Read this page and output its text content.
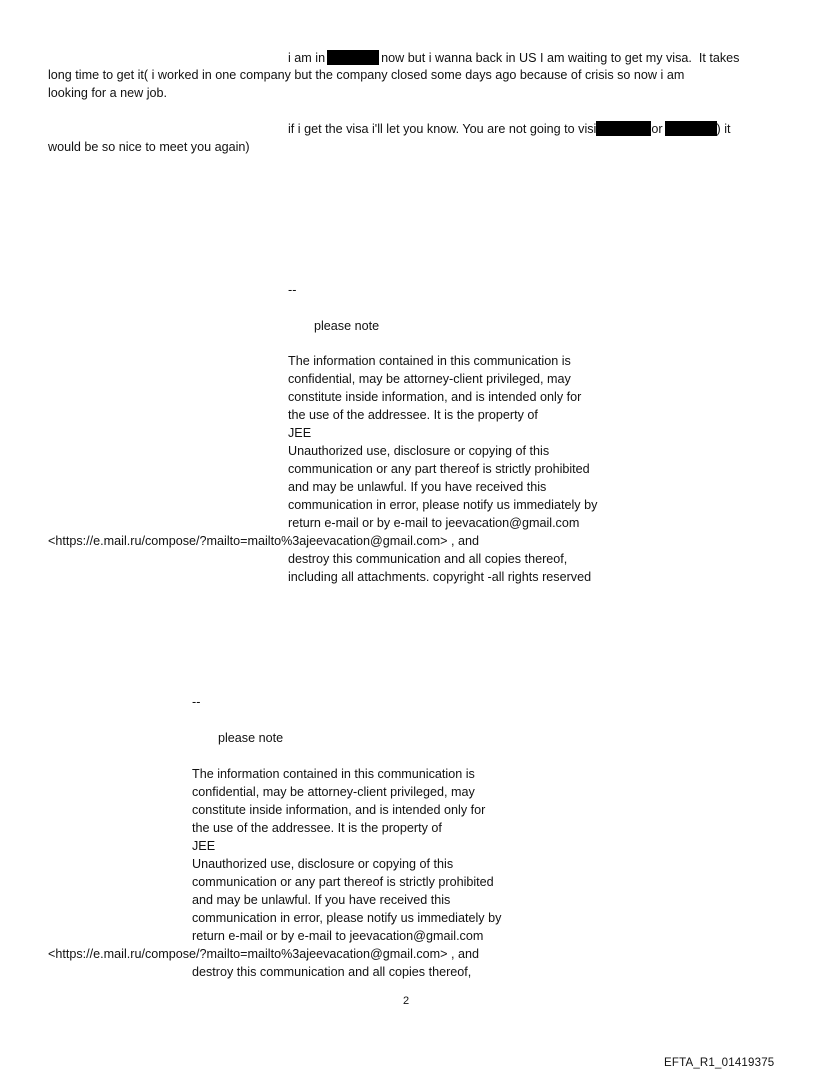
i am in	now but i wanna back in US I am waiting to get my visa.  It takes
long time to get it( i worked in one company but the company closed some days ago because of crisis so now i am
looking for a new job.
if i get the visa i'll let you know. You are not going to visi	or	) it
would be so nice to meet you again)
--
please note
The information contained in this communication is
confidential, may be attorney-client privileged, may
constitute inside information, and is intended only for
the use of the addressee. It is the property of
JEE
Unauthorized use, disclosure or copying of this
communication or any part thereof is strictly prohibited
and may be unlawful. If you have received this
communication in error, please notify us immediately by
return e-mail or by e-mail to jeevacation@gmail.com
<https://e.mail.ru/compose/?mailto=mailto%3ajeevacation@gmail.com> , and
destroy this communication and all copies thereof,
including all attachments. copyright -all rights reserved
--
please note
The information contained in this communication is
confidential, may be attorney-client privileged, may
constitute inside information, and is intended only for
the use of the addressee. It is the property of
JEE
Unauthorized use, disclosure or copying of this
communication or any part thereof is strictly prohibited
and may be unlawful. If you have received this
communication in error, please notify us immediately by
return e-mail or by e-mail to jeevacation@gmail.com
<https://e.mail.ru/compose/?mailto=mailto%3ajeevacation@gmail.com> , and
destroy this communication and all copies thereof,
2
EFTA_R1_01419375
